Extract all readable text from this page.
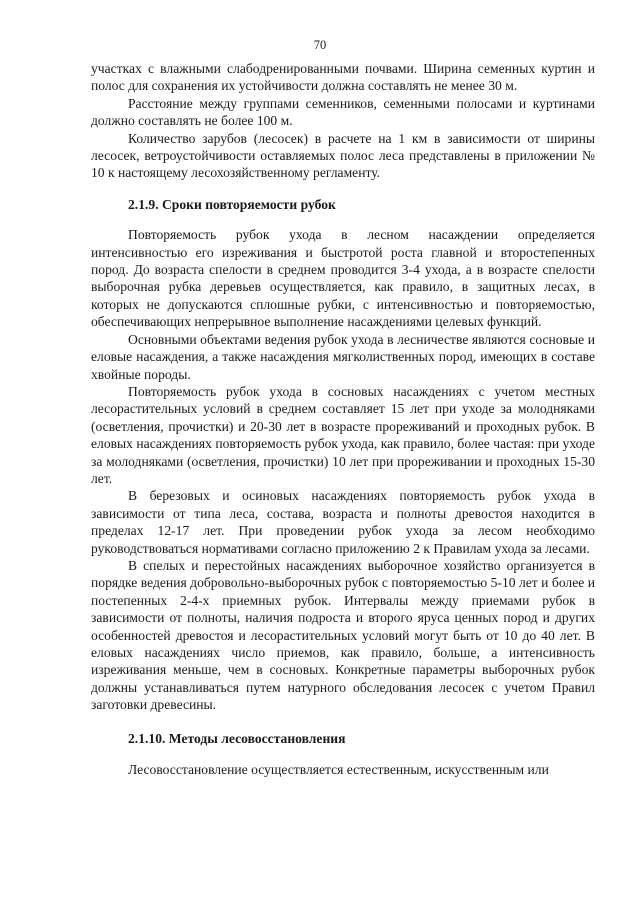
70

участках с влажными слабодренированными почвами. Ширина семенных куртин и полос для сохранения их устойчивости должна составлять не менее 30 м.

Расстояние между группами семенников, семенными полосами и куртинами должно составлять не более 100 м.

Количество зарубов (лесосек) в расчете на 1 км в зависимости от ширины лесосек, ветроустойчивости оставляемых полос леса представлены в приложении № 10 к настоящему лесохозяйственному регламенту.

2.1.9. Сроки повторяемости рубок

Повторяемость рубок ухода в лесном насаждении определяется интенсивностью его изреживания и быстротой роста главной и второстепенных пород. До возраста спелости в среднем проводится 3-4 ухода, а в возрасте спелости выборочная рубка деревьев осуществляется, как правило, в защитных лесах, в которых не допускаются сплошные рубки, с интенсивностью и повторяемостью, обеспечивающих непрерывное выполнение насаждениями целевых функций.

Основными объектами ведения рубок ухода в лесничестве являются сосновые и еловые насаждения, а также насаждения мягколиственных пород, имеющих в составе хвойные породы.

Повторяемость рубок ухода в сосновых насаждениях с учетом местных лесорастительных условий в среднем составляет 15 лет при уходе за молодняками (осветления, прочистки) и 20-30 лет в возрасте прореживаний и проходных рубок. В еловых насаждениях повторяемость рубок ухода, как правило, более частая: при уходе за молодняками (осветления, прочистки) 10 лет при прореживании и проходных 15-30 лет.

В березовых и осиновых насаждениях повторяемость рубок ухода в зависимости от типа леса, состава, возраста и полноты древостоя находится в пределах 12-17 лет. При проведении рубок ухода за лесом необходимо руководствоваться нормативами согласно приложению 2 к Правилам ухода за лесами.

В спелых и перестойных насаждениях выборочное хозяйство организуется в порядке ведения добровольно-выборочных рубок с повторяемостью 5-10 лет и более и постепенных 2-4-х приемных рубок. Интервалы между приемами рубок в зависимости от полноты, наличия подроста и второго яруса ценных пород и других особенностей древостоя и лесорастительных условий могут быть от 10 до 40 лет. В еловых насаждениях число приемов, как правило, больше, а интенсивность изреживания меньше, чем в сосновых. Конкретные параметры выборочных рубок должны устанавливаться путем натурного обследования лесосек с учетом Правил заготовки древесины.

2.1.10. Методы лесовосстановления

Лесовосстановление осуществляется естественным, искусственным или
